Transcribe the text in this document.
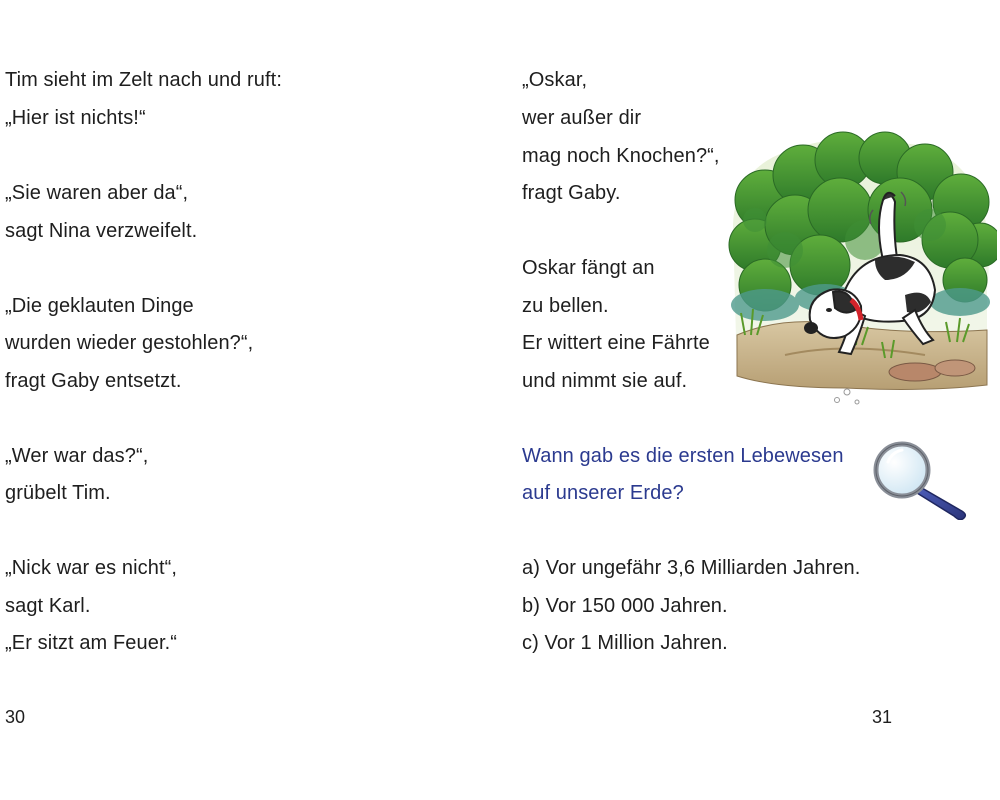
Tim sieht im Zelt nach und ruft:
„Hier ist nichts!“
„Sie waren aber da“,
sagt Nina verzweifelt.
„Die geklauten Dinge
wurden wieder gestohlen?“,
fragt Gaby entsetzt.
„Wer war das?“,
grübelt Tim.
„Nick war es nicht“,
sagt Karl.
„Er sitzt am Feuer.“
30
„Oskar,
wer außer dir
mag noch Knochen?“,
fragt Gaby.
Oskar fängt an
zu bellen.
Er wittert eine Fährte
und nimmt sie auf.
Wann gab es die ersten Lebewesen
auf unserer Erde?
a) Vor ungefähr 3,6 Milliarden Jahren.
b) Vor 150 000 Jahren.
c) Vor 1 Million Jahren.
31
